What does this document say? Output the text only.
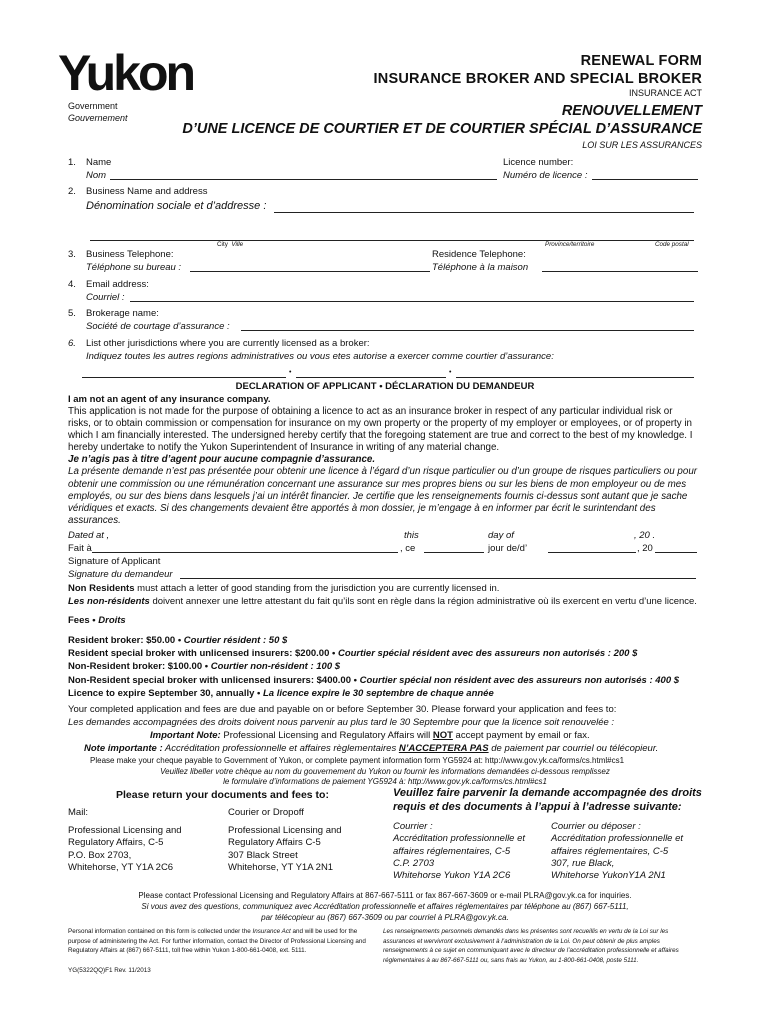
Yukon
Government
Gouvernement
RENEWAL FORM
INSURANCE BROKER AND SPECIAL BROKER
INSURANCE ACT
RENOUVELLEMENT
D’UNE LICENCE DE COURTIER ET DE COURTIER SPÉCIAL D’ASSURANCE
LOI SUR LES ASSURANCES
1. Name
Nom
Licence number:
Numéro de licence :
2. Business Name and address
Dénomination sociale et d’addresse :
City Ville	Province/territoire	Code postal
3. Business Telephone:
Téléphone su bureau :
Residence Telephone:
Téléphone à la maison
4. Email address:
Courriel :
5. Brokerage name:
Société de courtage d’assurance :
6. List other jurisdictions where you are currently licensed as a broker:
Indiquez toutes les autres regions administratives ou vous etes autorise a exercer comme courtier d’assurance:
•	•
DECLARATION OF APPLICANT • DÉCLARATION DU DEMANDEUR
I am not an agent of any insurance company.

This application is not made for the purpose of obtaining a licence to act as an insurance broker in respect of any particular individual risk or risks, or to obtain commission or compensation for insurance on my own property or the property of my employer or employees, or of property in which I am financially interested. The undersigned hereby certify that the foregoing statement are true and correct to the best of my knowledge. I hereby undertake to notify the Yukon Superintendent of Insurance in writing of any material change.

Je n’agis pas à titre d’agent pour aucune compagnie d’assurance.

La présente demande n’est pas présentée pour obtenir une licence à l’égard d’un risque particulier ou d’un groupe de risques particuliers ou pour obtenir une commission ou une rémunération concernant une assurance sur mes propres biens ou sur les biens de mon employeur ou de mes employés, ou sur des biens dans lesquels j’ai un intérêt financier. Je certifie que les renseignements fournis ci-dessus sont autant que je sache véridiques et exacts. Si des changements devaient être apportés à mon dossier, je m’engage à en informer par écrit le surintendant des assurances.

Dated at ,	this	day of	, 20 .
Fait à	, ce	jour de/d’	, 20
Signature of Applicant
Signature du demandeur
Non Residents must attach a letter of good standing from the jurisdiction you are currently licensed in.
Les non-résidents doivent annexer une lettre attestant du fait qu’ils sont en règle dans la région administrative où ils exercent en vertu d’une licence.
Fees • Droits
Resident broker: $50.00 • Courtier résident : 50 $
Resident special broker with unlicensed insurers: $200.00 • Courtier spécial résident avec des assureurs non autorisés : 200 $
Non-Resident broker: $100.00 • Courtier non-résident : 100 $
Non-Resident special broker with unlicensed insurers: $400.00 • Courtier spécial non résident avec des assureurs non autorisés : 400 $
Licence to expire September 30, annually • La licence expire le 30 septembre de chaque année
Your completed application and fees are due and payable on or before September 30. Please forward your application and fees to:
Les demandes accompagnées des droits doivent nous parvenir au plus tard le 30 Septembre pour que la licence soit renouvelée :
Important Note: Professional Licensing and Regulatory Affairs will NOT accept payment by email or fax.
Note importante : Accréditation professionnelle et affaires règlementaires N’ACCEPTERA PAS de paiement par courriel ou télécopieur.
Please make your cheque payable to Government of Yukon, or complete payment information form YG5924 at: http://www.gov.yk.ca/forms/cs.html#cs1
Veuillez libeller votre chèque au nom du gouvernement du Yukon ou fournir les informations demandées ci-dessous remplissez
le formulaire d’informations de paiement YG5924 à: http://www.gov.yk.ca/forms/cs.html#cs1
Please return your documents and fees to:	Veuillez faire parvenir la demande accompagnée des droits
requis et des documents à l’appui à l’adresse suivante:
Mail:	Courier or Dropoff
Professional Licensing and
Regulatory Affairs, C-5
P.O. Box 2703,
Whitehorse, YT Y1A 2C6
Professional Licensing and
Regulatory Affairs C-5
307 Black Street
Whitehorse, YT Y1A 2N1
Courrier :
Accréditation professionnelle et
affaires réglementaires, C-5
C.P. 2703
Whitehorse Yukon Y1A 2C6
Courrier ou déposer :
Accréditation professionnelle et
affaires réglementaires, C-5
307, rue Black,
Whitehorse YukonY1A 2N1
Please contact Professional Licensing and Regulatory Affairs at 867-667-5111 or fax 867-667-3609 or e-mail PLRA@gov.yk.ca for inquiries.
Si vous avez des questions, communiquez avec Accréditation professionnelle et affaires réglementaires par téléphone au (867) 667-5111,
par télécopieur au (867) 667-3609 ou par courriel à PLRA@gov.yk.ca.
Personal information contained on this form is collected under the Insurance Act and will be used for the purpose of administering the Act. For further information, contact the Director of Professional Licensing and Regulatory Affairs at (867) 667-5111, toll free within Yukon 1-800-661-0408, ext. 5111.
YG(5322QQ)F1 Rev. 11/2013
Les renseignements personnels demandés dans les présentes sont recueillis en vertu de la Loi sur les assurances et wervivront exclusivement à l’administration de la Loi. On peut obtenir de plus amples renseignements à ce sujet en communiquant avec le directeur de l’accréditation professionnelle et affaires réglementaires à au 867-667-5111 ou, sans frais au Yukon, au 1-800-661-0408, poste 5111.
